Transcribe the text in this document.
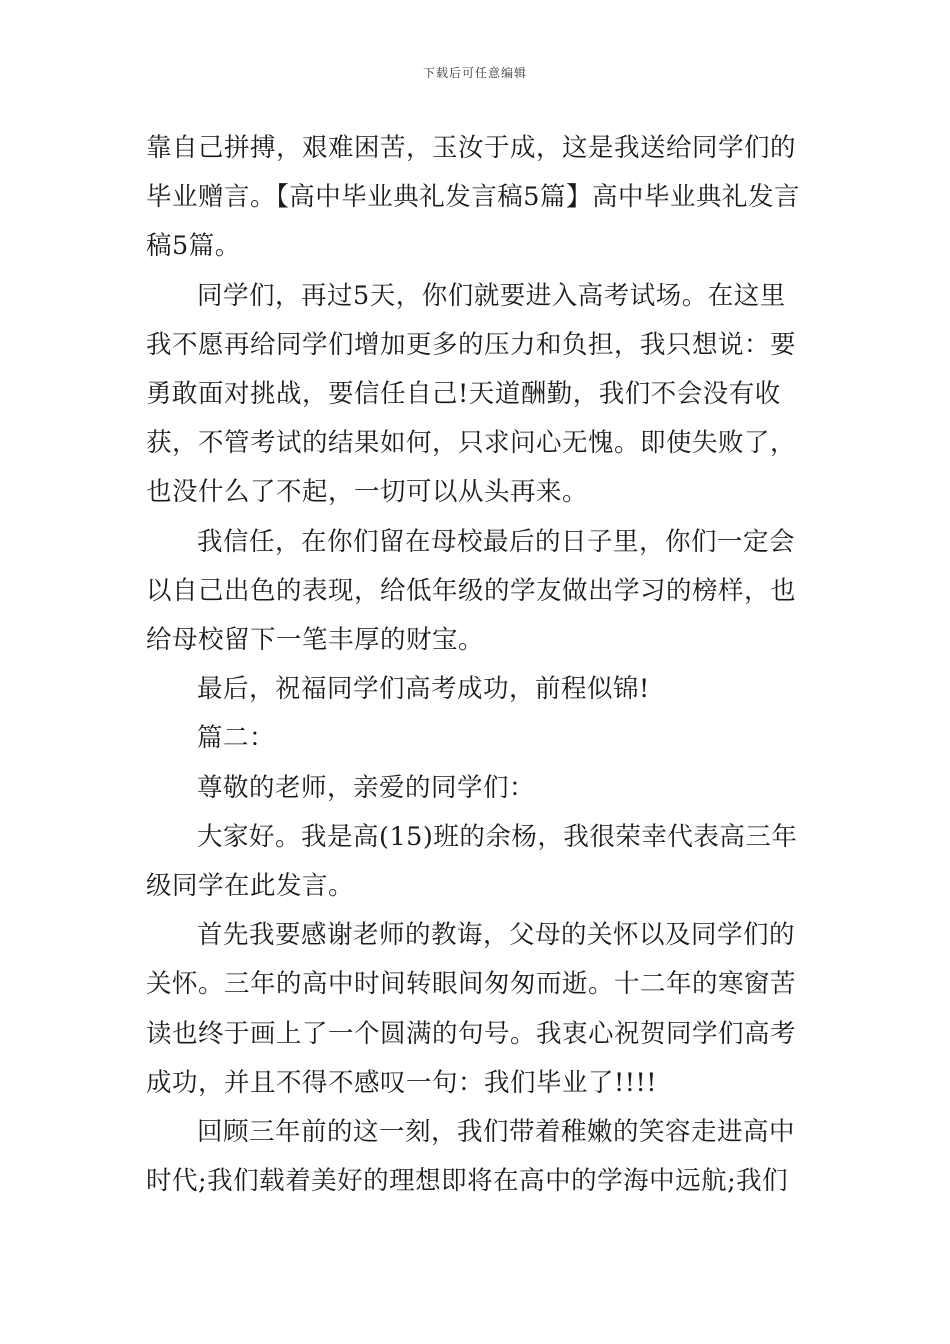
下载后可任意编辑

靠自己拼搏，艰难困苦，玉汝于成，这是我送给同学们的毕业赠言。【高中毕业典礼发言稿5篇】高中毕业典礼发言稿5篇。

同学们，再过5天，你们就要进入高考试场。在这里我不愿再给同学们增加更多的压力和负担，我只想说：要勇敢面对挑战，要信任自己!天道酬勤，我们不会没有收获，不管考试的结果如何，只求问心无愧。即使失败了，也没什么了不起，一切可以从头再来。

我信任，在你们留在母校最后的日子里，你们一定会以自己出色的表现，给低年级的学友做出学习的榜样，也给母校留下一笔丰厚的财宝。

最后，祝福同学们高考成功，前程似锦!

篇二：

尊敬的老师，亲爱的同学们：

大家好。我是高(15)班的余杨，我很荣幸代表高三年级同学在此发言。

首先我要感谢老师的教诲，父母的关怀以及同学们的关怀。三年的高中时间转眼间匆匆而逝。十二年的寒窗苦读也终于画上了一个圆满的句号。我衷心祝贺同学们高考成功，并且不得不感叹一句：我们毕业了!!!!

回顾三年前的这一刻，我们带着稚嫩的笑容走进高中时代;我们载着美好的理想即将在高中的学海中远航;我们
